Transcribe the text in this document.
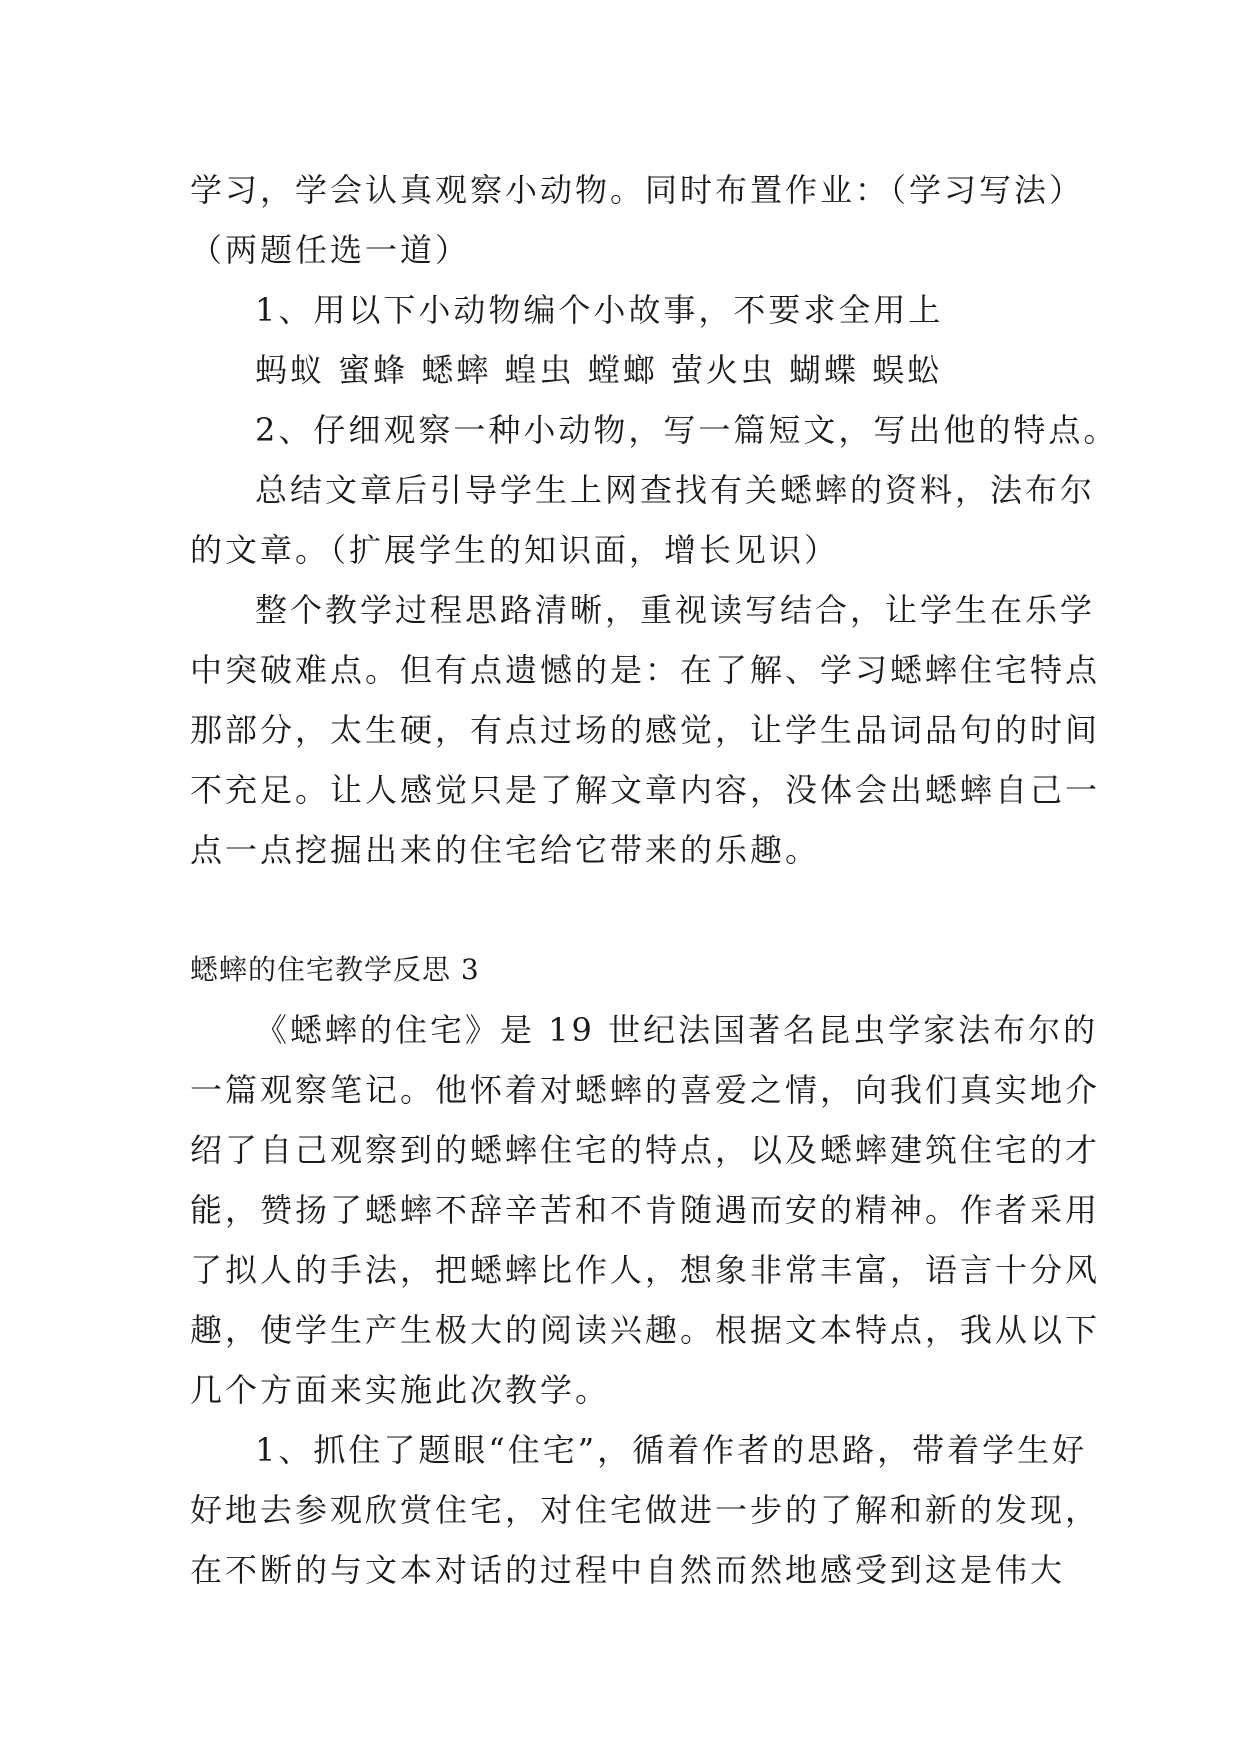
学习，学会认真观察小动物。同时布置作业：（学习写法）
（两题任选一道）
1、用以下小动物编个小故事，不要求全用上
蚂蚁 蜜蜂 蟋蟀 蝗虫 螳螂 萤火虫 蝴蝶 蜈蚣
2、仔细观察一种小动物，写一篇短文，写出他的特点。
总结文章后引导学生上网查找有关蟋蟀的资料，法布尔
的文章。（扩展学生的知识面，增长见识）
整个教学过程思路清晰，重视读写结合，让学生在乐学
中突破难点。但有点遗憾的是：在了解、学习蟋蟀住宅特点
那部分，太生硬，有点过场的感觉，让学生品词品句的时间
不充足。让人感觉只是了解文章内容，没体会出蟋蟀自己一
点一点挖掘出来的住宅给它带来的乐趣。
蟋蟀的住宅教学反思 3
《蟋蟀的住宅》是 19 世纪法国著名昆虫学家法布尔的
一篇观察笔记。他怀着对蟋蟀的喜爱之情，向我们真实地介
绍了自己观察到的蟋蟀住宅的特点，以及蟋蟀建筑住宅的才
能，赞扬了蟋蟀不辞辛苦和不肯随遇而安的精神。作者采用
了拟人的手法，把蟋蟀比作人，想象非常丰富，语言十分风
趣，使学生产生极大的阅读兴趣。根据文本特点，我从以下
几个方面来实施此次教学。
1、抓住了题眼“住宅”，循着作者的思路，带着学生好
好地去参观欣赏住宅，对住宅做进一步的了解和新的发现，
在不断的与文本对话的过程中自然而然地感受到这是伟大
